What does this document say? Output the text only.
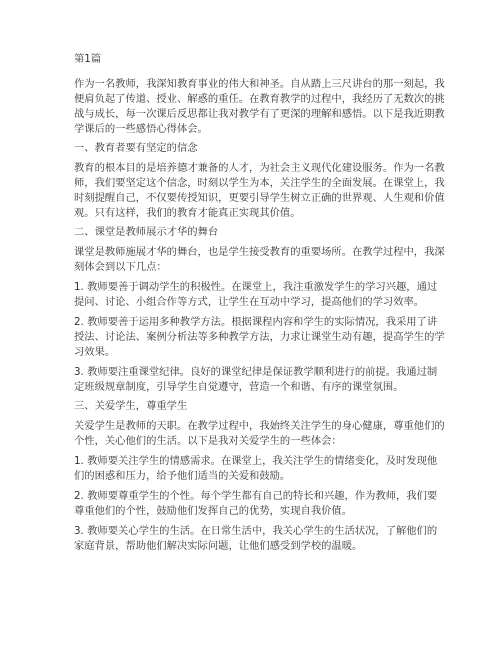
第1篇
作为一名教师，我深知教育事业的伟大和神圣。自从踏上三尺讲台的那一刻起，我
便肩负起了传道、授业、解惑的重任。在教育教学的过程中，我经历了无数次的挑
战与成长，每一次课后反思都让我对教学有了更深的理解和感悟。以下是我近期教
学课后的一些感悟心得体会。
一、教育者要有坚定的信念
教育的根本目的是培养德才兼备的人才，为社会主义现代化建设服务。作为一名教
师，我们要坚定这个信念，时刻以学生为本，关注学生的全面发展。在课堂上，我
时刻提醒自己，不仅要传授知识，更要引导学生树立正确的世界观、人生观和价值
观。只有这样，我们的教育才能真正实现其价值。
二、课堂是教师展示才华的舞台
课堂是教师施展才华的舞台，也是学生接受教育的重要场所。在教学过程中，我深
刻体会到以下几点：
1. 教师要善于调动学生的积极性。在课堂上，我注重激发学生的学习兴趣，通过
提问、讨论、小组合作等方式，让学生在互动中学习，提高他们的学习效率。
2. 教师要善于运用多种教学方法。根据课程内容和学生的实际情况，我采用了讲
授法、讨论法、案例分析法等多种教学方法，力求让课堂生动有趣，提高学生的学
习效果。
3. 教师要注重课堂纪律。良好的课堂纪律是保证教学顺利进行的前提。我通过制
定班级规章制度，引导学生自觉遵守，营造一个和谐、有序的课堂氛围。
三、关爱学生，尊重学生
关爱学生是教师的天职。在教学过程中，我始终关注学生的身心健康，尊重他们的
个性，关心他们的生活。以下是我对关爱学生的一些体会：
1. 教师要关注学生的情感需求。在课堂上，我关注学生的情绪变化，及时发现他
们的困惑和压力，给予他们适当的关爱和鼓励。
2. 教师要尊重学生的个性。每个学生都有自己的特长和兴趣，作为教师，我们要
尊重他们的个性，鼓励他们发挥自己的优势，实现自我价值。
3. 教师要关心学生的生活。在日常生活中，我关心学生的生活状况，了解他们的
家庭背景，帮助他们解决实际问题，让他们感受到学校的温暖。
